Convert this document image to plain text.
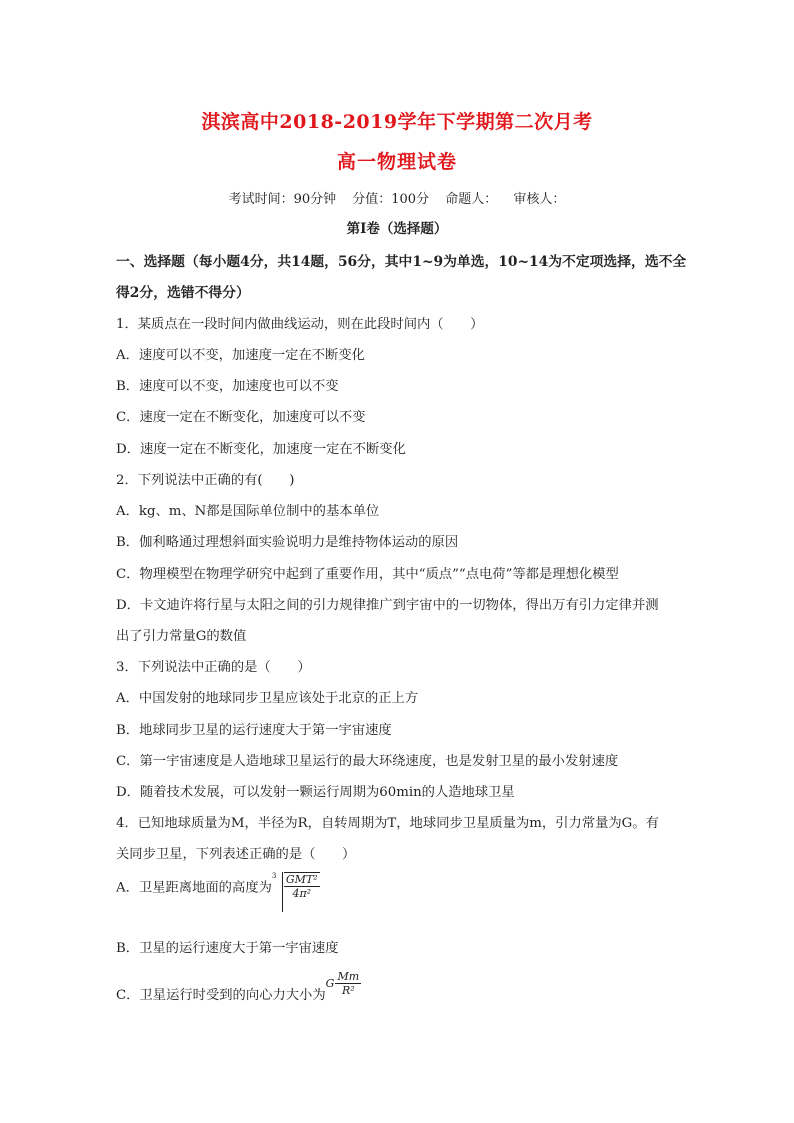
淇滨高中2018-2019学年下学期第二次月考
高一物理试卷
考试时间：90分钟 分值：100分 命题人： 审核人：
第Ⅰ卷（选择题）
一、选择题（每小题4分，共14题，56分，其中1~9为单选，10~14为不定项选择，选不全
得2分，选错不得分）
1．某质点在一段时间内做曲线运动，则在此段时间内（　　）
A．速度可以不变，加速度一定在不断变化
B．速度可以不变，加速度也可以不变
C．速度一定在不断变化，加速度可以不变
D．速度一定在不断变化，加速度一定在不断变化
2．下列说法中正确的有(　　)
A．kg、m、N都是国际单位制中的基本单位
B．伽利略通过理想斜面实验说明力是维持物体运动的原因
C．物理模型在物理学研究中起到了重要作用，其中“质点”“点电荷”等都是理想化模型
D．卡文迪许将行星与太阳之间的引力规律推广到宇宙中的一切物体，得出万有引力定律并测
出了引力常量G的数值
3．下列说法中正确的是（　　）
A．中国发射的地球同步卫星应该处于北京的正上方
B．地球同步卫星的运行速度大于第一宇宙速度
C．第一宇宙速度是人造地球卫星运行的最大环绕速度，也是发射卫星的最小发射速度
D．随着技术发展，可以发射一颗运行周期为60min的人造地球卫星
4．已知地球质量为M，半径为R，自转周期为T，地球同步卫星质量为m，引力常量为G。有
关同步卫星，下列表述正确的是（　　）
A．卫星距离地面的高度为
$3 \frac{\text{GMT²}}{\text{4π²}}$
B．卫星的运行速度大于第一宇宙速度
C．卫星运行时受到的向心力大小为G $\frac{Mm}{\text{R²}}$
